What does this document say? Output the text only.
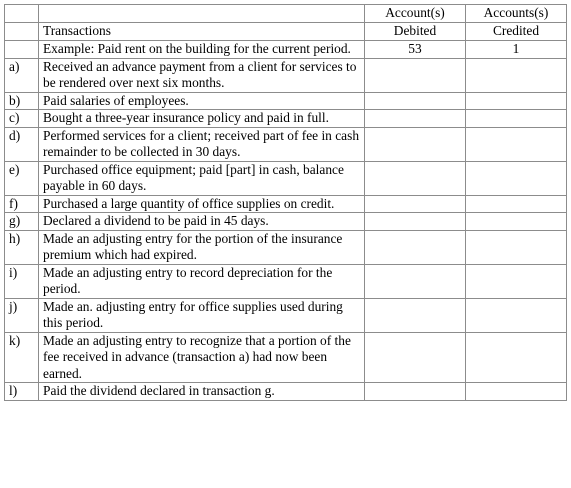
		Account(s)	Accounts(s)
	Transactions	Debited	Credited
	Example: Paid rent on the building for the current period.	53	1
a)	Received an advance payment from a client for services to be rendered over next six months.		
b)	Paid salaries of employees.		
c)	Bought a three-year insurance policy and paid in full.		
d)	Performed services for a client; received part of fee in cash remainder to be collected in 30 days.		
e)	Purchased office equipment; paid [part] in cash, balance payable in 60 days.		
f)	Purchased a large quantity of office supplies on credit.		
g)	Declared a dividend to be paid in 45 days.		
h)	Made an adjusting entry for the portion of the insurance premium which had expired.		
i)	Made an adjusting entry to record depreciation for the period.		
j)	Made an. adjusting entry for office supplies used during this period.		
k)	Made an adjusting entry to recognize that a portion of the fee received in advance (transaction a) had now been earned.		
l)	Paid the dividend declared in transaction g.		
